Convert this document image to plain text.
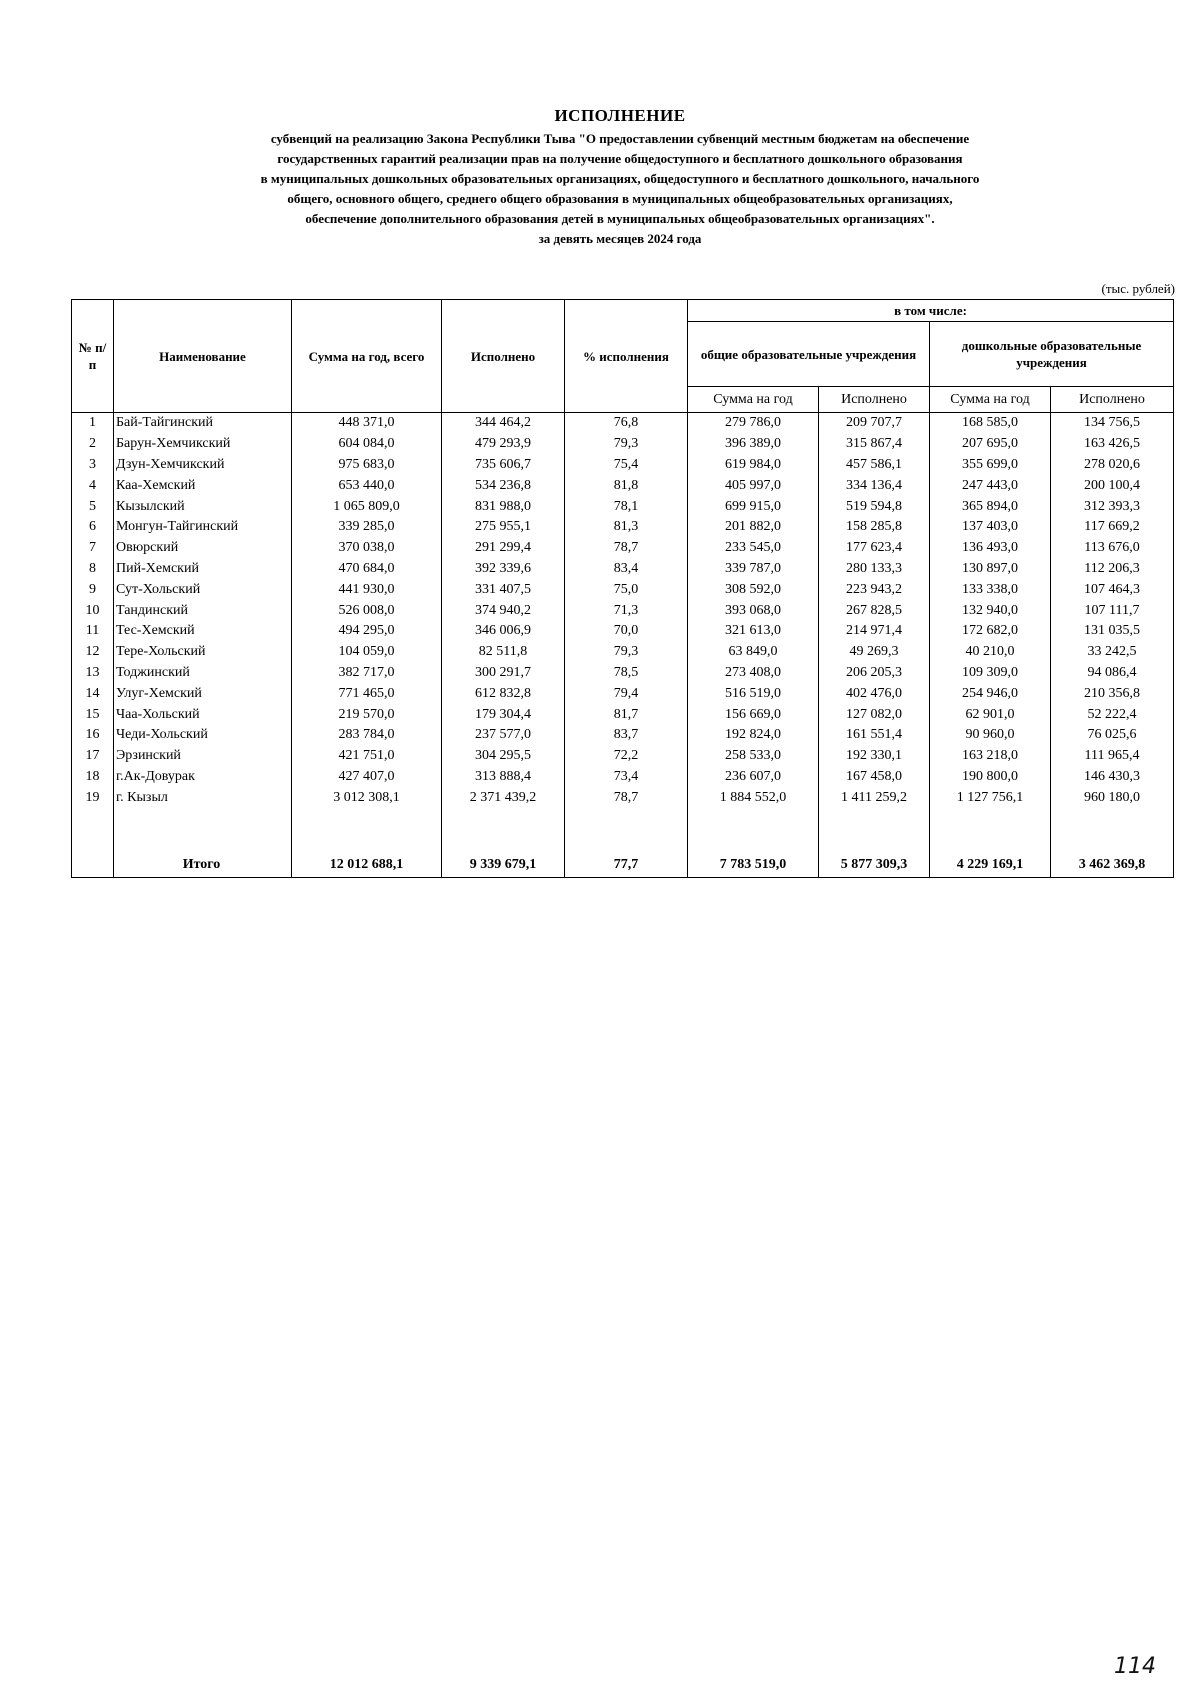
ИСПОЛНЕНИЕ
субвенций на реализацию Закона Республики Тыва "О предоставлении субвенций местным бюджетам на обеспечение
государственных гарантий реализации прав на получение общедоступного и бесплатного дошкольного образования
в муниципальных дошкольных образовательных организациях, общедоступного и бесплатного дошкольного, начального
общего, основного общего, среднего общего образования в муниципальных общеобразовательных организациях,
обеспечение дополнительного образования детей в муниципальных общеобразовательных организациях".
за девять месяцев 2024 года
(тыс. рублей)
№ п/п	Наименование	Сумма на год, всего	Исполнено	% исполнения	в том числе:			
					общие образовательные учреждения		дошкольные образовательные учреждения	
					Сумма на год	Исполнено	Сумма на год	Исполнено
1	Бай-Тайгинский	448 371,0	344 464,2	76,8	279 786,0	209 707,7	168 585,0	134 756,5
2	Барун-Хемчикский	604 084,0	479 293,9	79,3	396 389,0	315 867,4	207 695,0	163 426,5
3	Дзун-Хемчикский	975 683,0	735 606,7	75,4	619 984,0	457 586,1	355 699,0	278 020,6
4	Каа-Хемский	653 440,0	534 236,8	81,8	405 997,0	334 136,4	247 443,0	200 100,4
5	Кызылский	1 065 809,0	831 988,0	78,1	699 915,0	519 594,8	365 894,0	312 393,3
6	Монгун-Тайгинский	339 285,0	275 955,1	81,3	201 882,0	158 285,8	137 403,0	117 669,2
7	Овюрский	370 038,0	291 299,4	78,7	233 545,0	177 623,4	136 493,0	113 676,0
8	Пий-Хемский	470 684,0	392 339,6	83,4	339 787,0	280 133,3	130 897,0	112 206,3
9	Сут-Хольский	441 930,0	331 407,5	75,0	308 592,0	223 943,2	133 338,0	107 464,3
10	Тандинский	526 008,0	374 940,2	71,3	393 068,0	267 828,5	132 940,0	107 111,7
11	Тес-Хемский	494 295,0	346 006,9	70,0	321 613,0	214 971,4	172 682,0	131 035,5
12	Тере-Хольский	104 059,0	82 511,8	79,3	63 849,0	49 269,3	40 210,0	33 242,5
13	Тоджинский	382 717,0	300 291,7	78,5	273 408,0	206 205,3	109 309,0	94 086,4
14	Улуг-Хемский	771 465,0	612 832,8	79,4	516 519,0	402 476,0	254 946,0	210 356,8
15	Чаа-Хольский	219 570,0	179 304,4	81,7	156 669,0	127 082,0	62 901,0	52 222,4
16	Чеди-Хольский	283 784,0	237 577,0	83,7	192 824,0	161 551,4	90 960,0	76 025,6
17	Эрзинский	421 751,0	304 295,5	72,2	258 533,0	192 330,1	163 218,0	111 965,4
18	г.Ак-Довурак	427 407,0	313 888,4	73,4	236 607,0	167 458,0	190 800,0	146 430,3
19	г. Кызыл	3 012 308,1	2 371 439,2	78,7	1 884 552,0	1 411 259,2	1 127 756,1	960 180,0

	Итого	12 012 688,1	9 339 679,1	77,7	7 783 519,0	5 877 309,3	4 229 169,1	3 462 369,8
114
